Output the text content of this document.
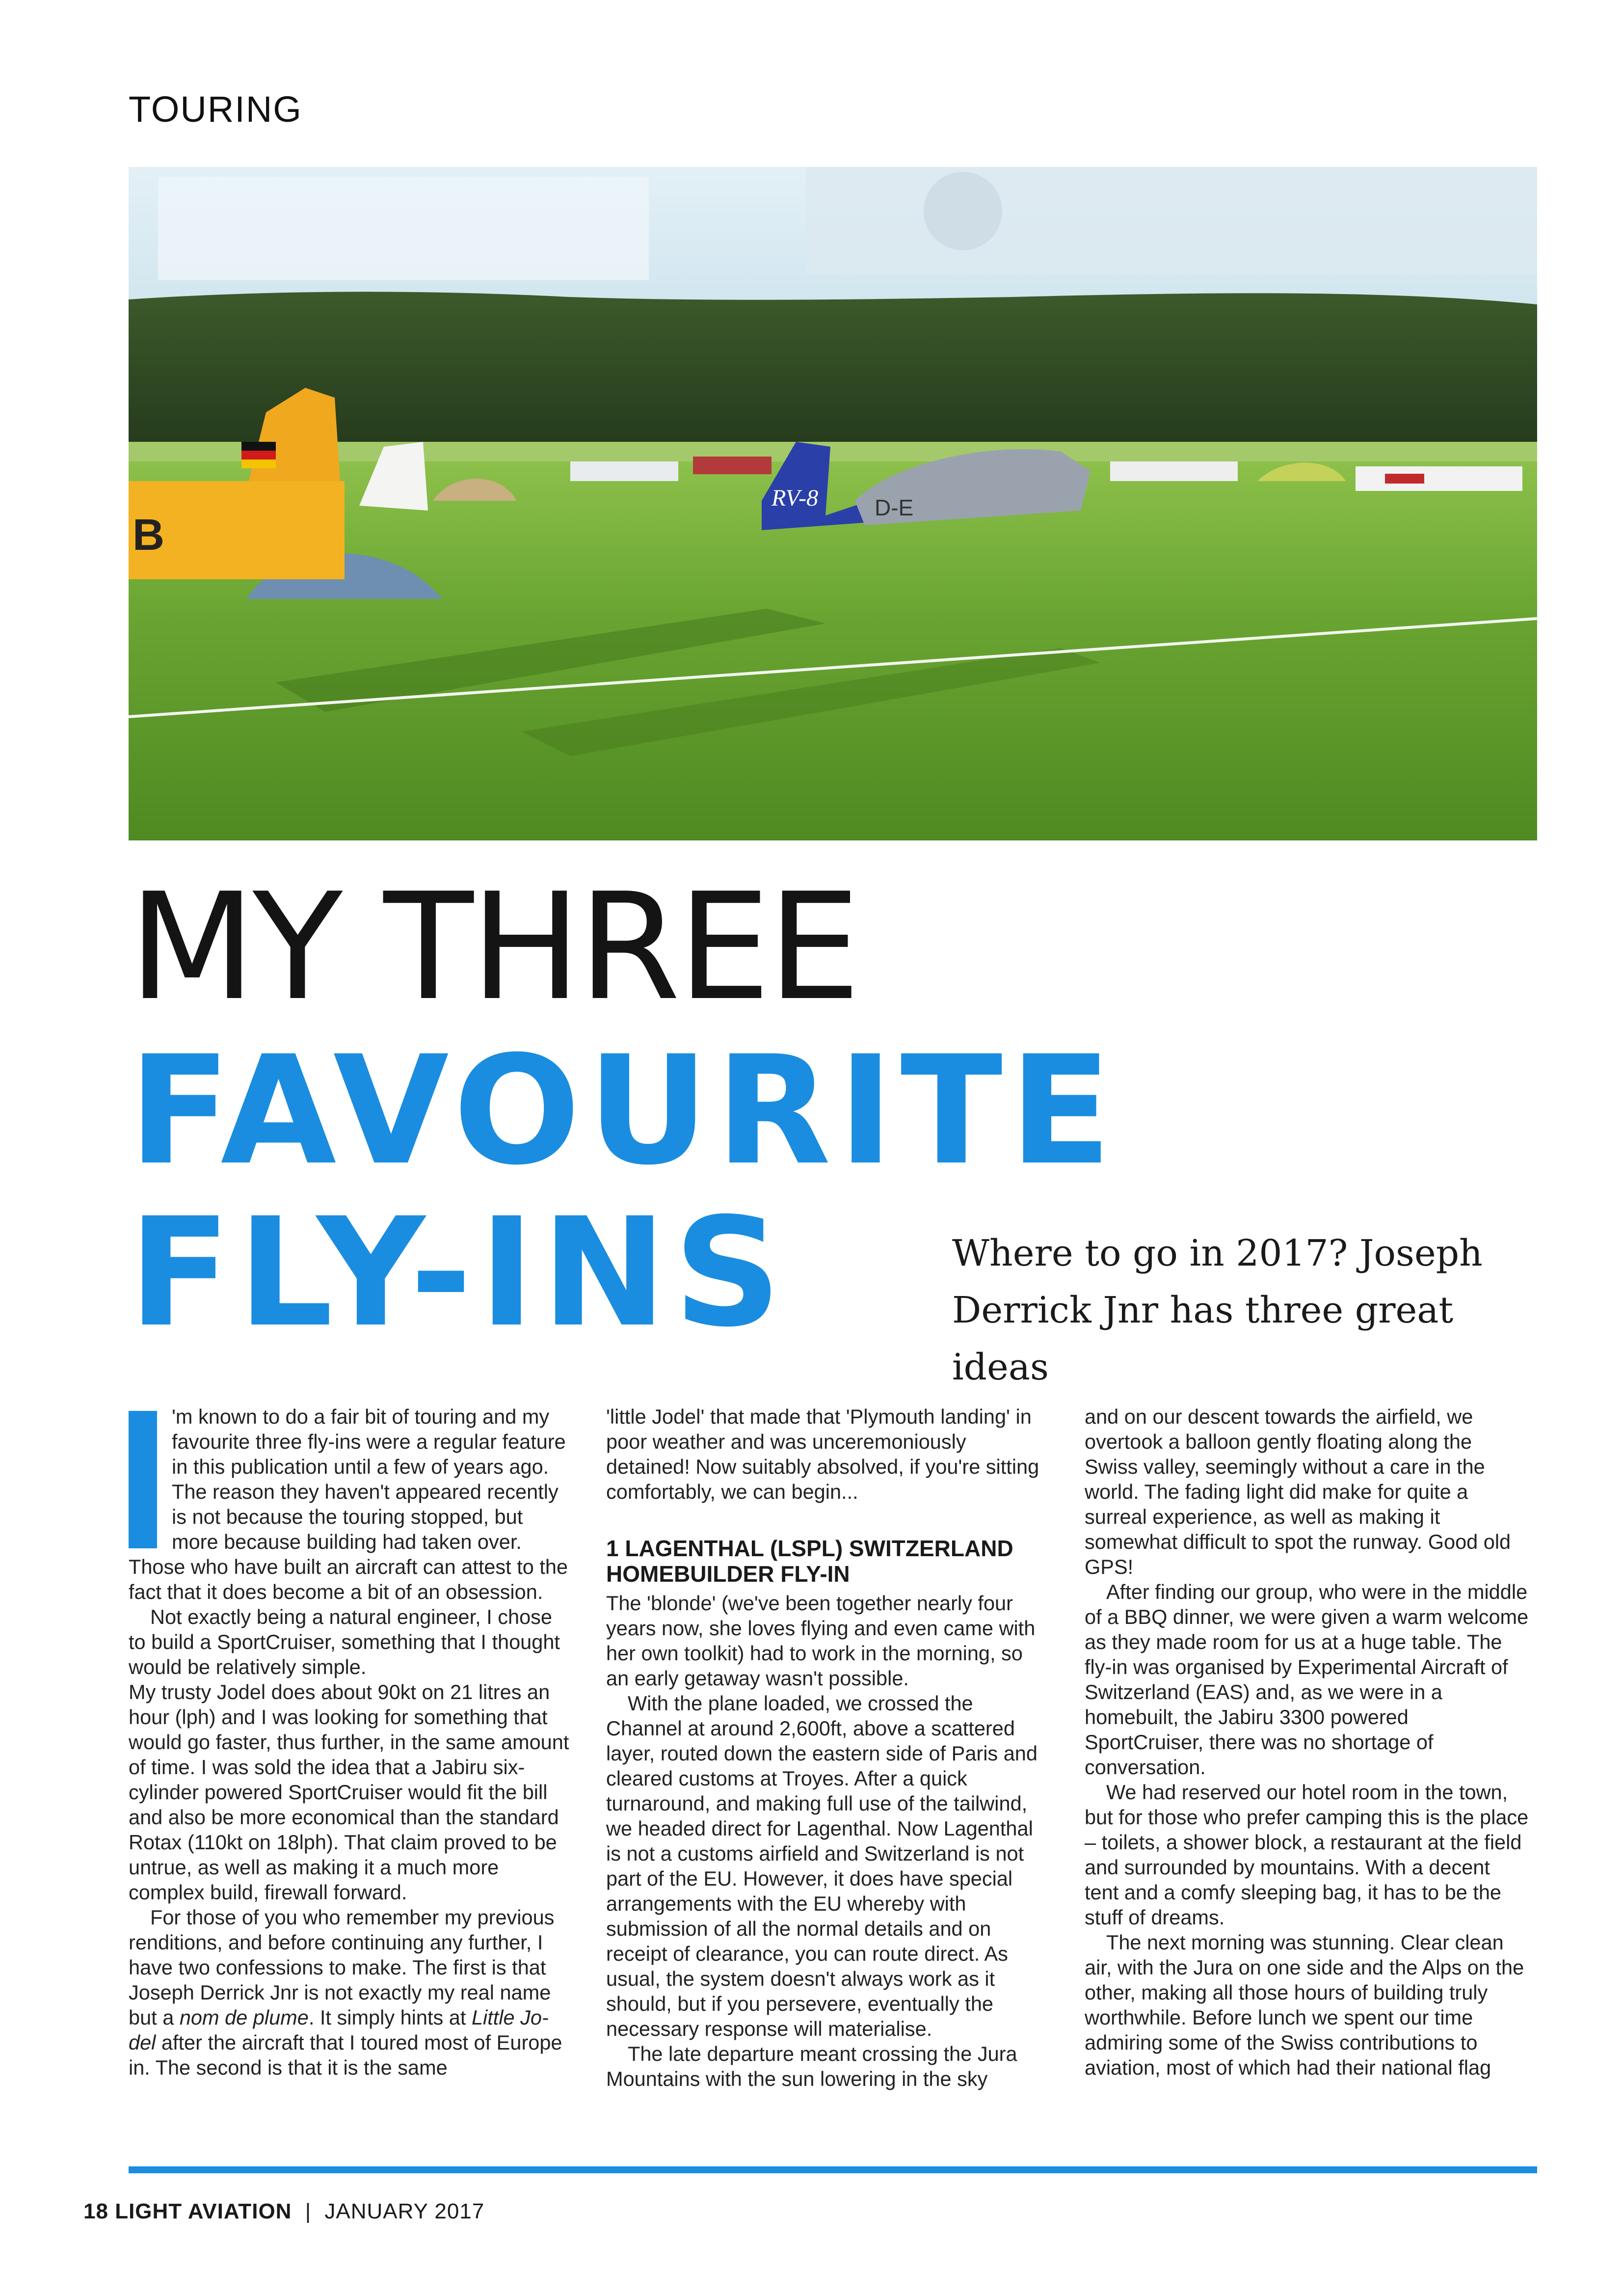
TOURING
B
RV-8 D-E
MY THREE
FAVOURITE
FLY-INS	Where to go in 2017? Joseph Derrick Jnr has three great ideas

'm known to do a fair bit of touring and my favourite three fly-ins were a regular feature in this publication until a few of years ago. The reason they haven't appeared recently is not because the touring stopped, but more because building had taken over. Those who have built an aircraft can attest to the fact that it does become a bit of an obsession.

Not exactly being a natural engineer, I chose to build a SportCruiser, something that I thought would be relatively simple.

My trusty Jodel does about 90kt on 21 litres an hour (lph) and I was looking for something that would go faster, thus further, in the same amount of time. I was sold the idea that a Jabiru six-cylinder powered SportCruiser would fit the bill and also be more economical than the standard Rotax (110kt on 18lph). That claim proved to be untrue, as well as making it a much more complex build, firewall forward.

For those of you who remember my previous renditions, and before continuing any further, I have two confessions to make. The first is that Joseph Derrick Jnr is not exactly my real name but a nom de plume. It simply hints at Little Jo-del after the aircraft that I toured most of Europe in. The second is that it is the same

'little Jodel' that made that 'Plymouth landing' in poor weather and was unceremoniously detained! Now suitably absolved, if you're sitting comfortably, we can begin...

1 LAGENTHAL (LSPL) SWITZERLAND HOMEBUILDER FLY-IN

The 'blonde' (we've been together nearly four years now, she loves flying and even came with her own toolkit) had to work in the morning, so an early getaway wasn't possible.

With the plane loaded, we crossed the Channel at around 2,600ft, above a scattered layer, routed down the eastern side of Paris and cleared customs at Troyes. After a quick turnaround, and making full use of the tailwind, we headed direct for Lagenthal. Now Lagenthal is not a customs airfield and Switzerland is not part of the EU. However, it does have special arrangements with the EU whereby with submission of all the normal details and on receipt of clearance, you can route direct. As usual, the system doesn't always work as it should, but if you persevere, eventually the necessary response will materialise.

The late departure meant crossing the Jura Mountains with the sun lowering in the sky

and on our descent towards the airfield, we overtook a balloon gently floating along the Swiss valley, seemingly without a care in the world. The fading light did make for quite a surreal experience, as well as making it somewhat difficult to spot the runway. Good old GPS!

After finding our group, who were in the middle of a BBQ dinner, we were given a warm welcome as they made room for us at a huge table. The fly-in was organised by Experimental Aircraft of Switzerland (EAS) and, as we were in a homebuilt, the Jabiru 3300 powered SportCruiser, there was no shortage of conversation.

We had reserved our hotel room in the town, but for those who prefer camping this is the place – toilets, a shower block, a restaurant at the field and surrounded by mountains. With a decent tent and a comfy sleeping bag, it has to be the stuff of dreams.

The next morning was stunning. Clear clean air, with the Jura on one side and the Alps on the other, making all those hours of building truly worthwhile. Before lunch we spent our time admiring some of the Swiss contributions to aviation, most of which had their national flag

18 LIGHT AVIATION | JANUARY 2017
